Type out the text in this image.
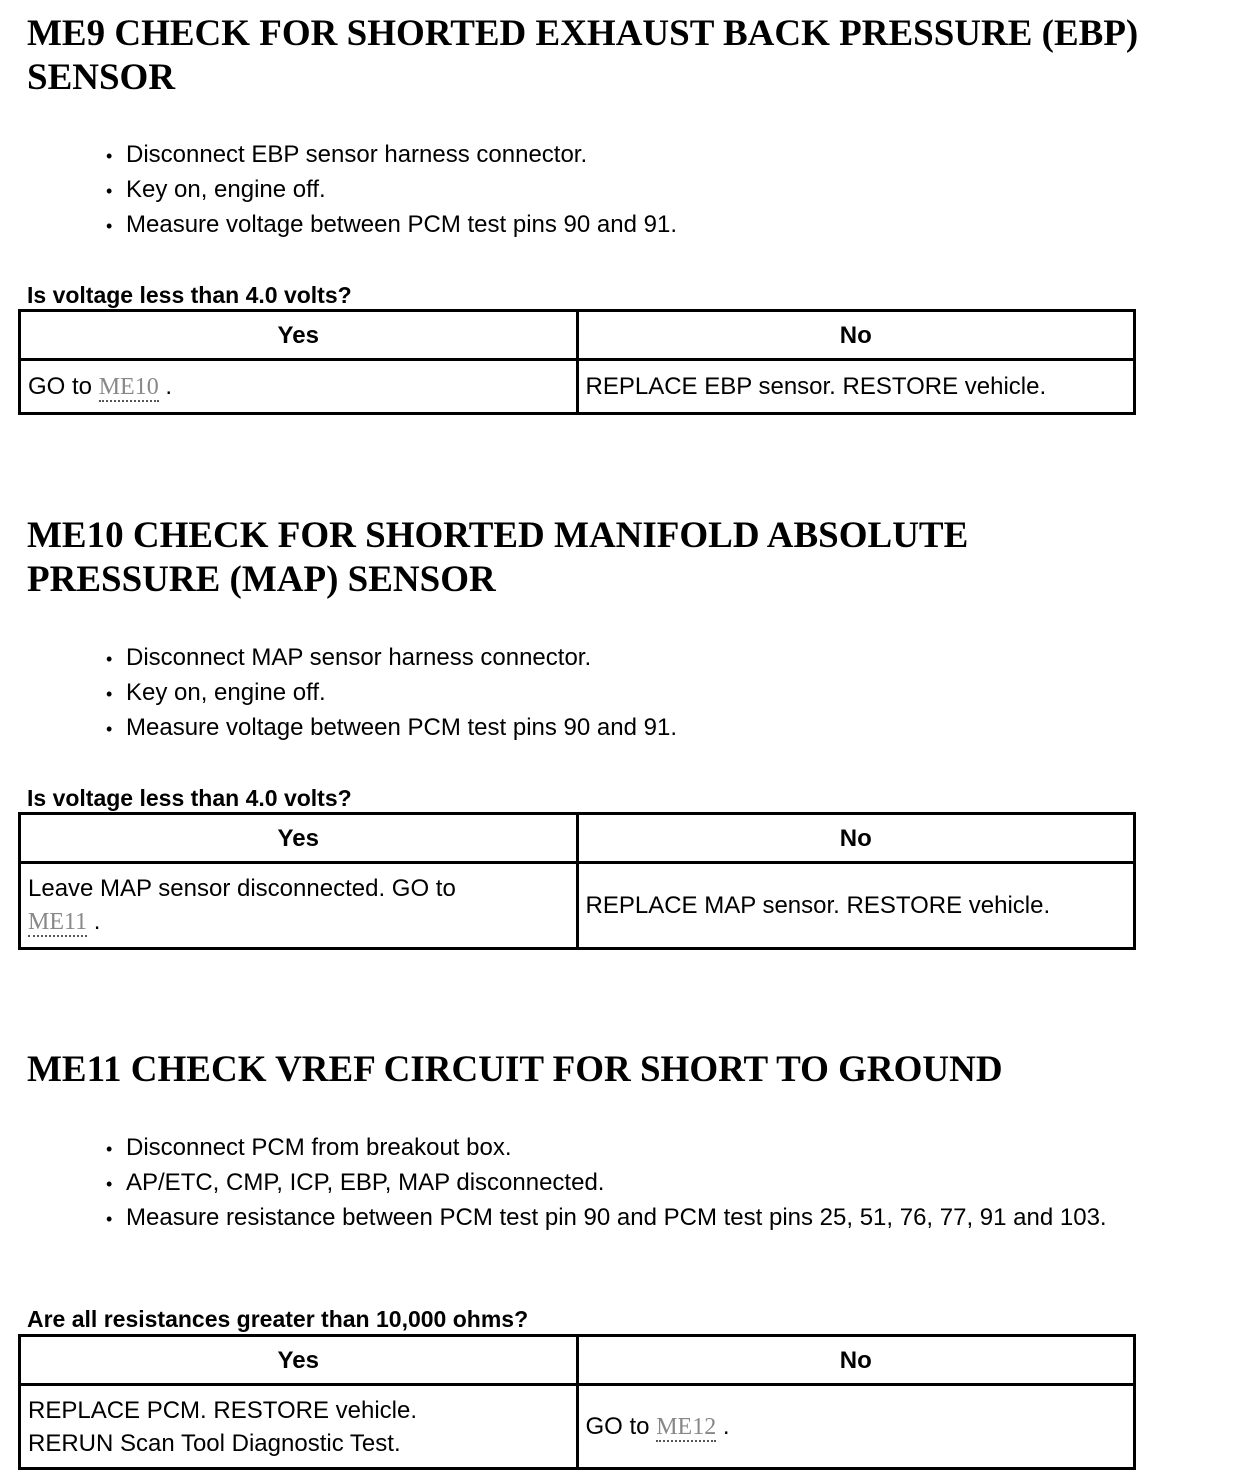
ME9 CHECK FOR SHORTED EXHAUST BACK PRESSURE (EBP)
SENSOR
• Disconnect EBP sensor harness connector.
• Key on, engine off.
• Measure voltage between PCM test pins 90 and 91.
Is voltage less than 4.0 volts?
Yes	No
GO to ME10 .	REPLACE EBP sensor. RESTORE vehicle.
ME10 CHECK FOR SHORTED MANIFOLD ABSOLUTE
PRESSURE (MAP) SENSOR
• Disconnect MAP sensor harness connector.
• Key on, engine off.
• Measure voltage between PCM test pins 90 and 91.
Is voltage less than 4.0 volts?
Yes	No
Leave MAP sensor disconnected. GO to
ME11 .	REPLACE MAP sensor. RESTORE vehicle.
ME11 CHECK VREF CIRCUIT FOR SHORT TO GROUND
• Disconnect PCM from breakout box.
• AP/ETC, CMP, ICP, EBP, MAP disconnected.
• Measure resistance between PCM test pin 90 and PCM test pins 25, 51, 76, 77, 91 and 103.
Are all resistances greater than 10,000 ohms?
Yes	No
REPLACE PCM. RESTORE vehicle.
RERUN Scan Tool Diagnostic Test.	GO to ME12 .
